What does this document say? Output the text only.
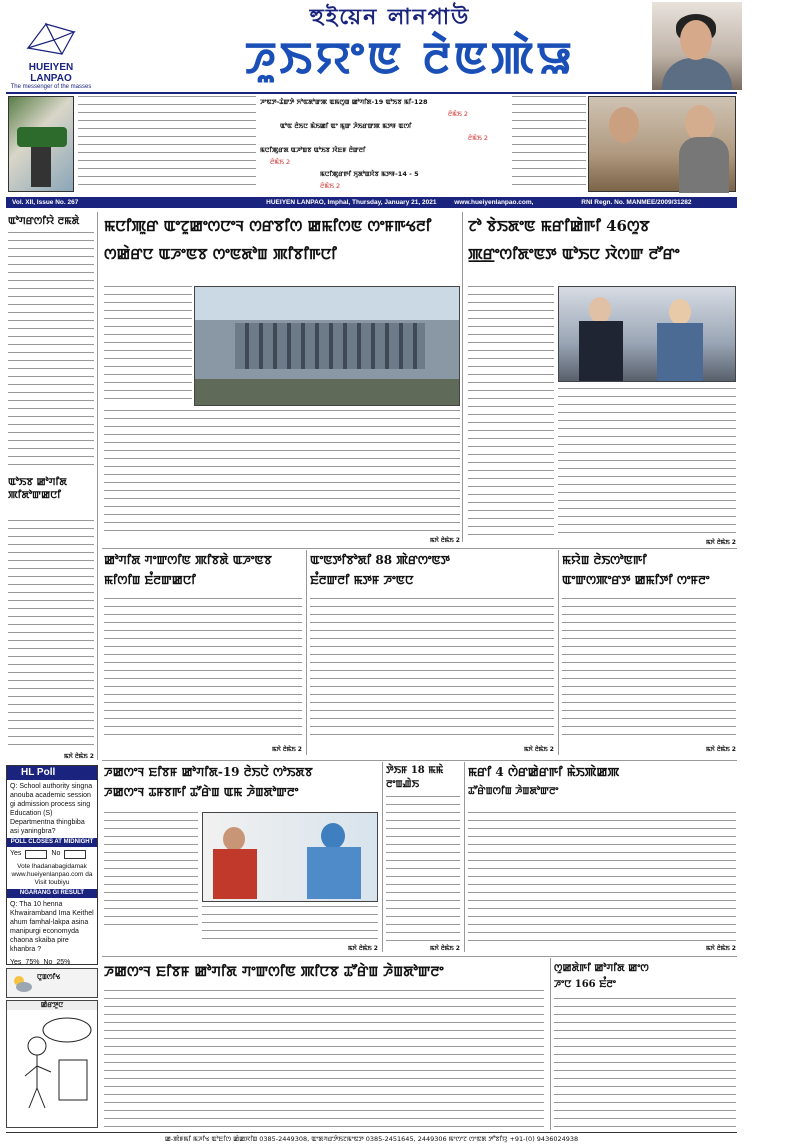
HUEIYEN
LANPAO
The messenger of the masses
হুইয়েন লানপাউ
ꯍꯨꯏꯌꯦꯟ ꯂꯥꯟꯄꯥꯎ
ꯍꯦꯟꯇ-ꯊꯥꯛꯇꯥ ꯈꯣꯟꯗꯣꯛꯄ ꯑꯃꯁꯨꯡ ꯀꯣꯚꯤꯗ-19 ꯑꯣꯏꯕ ꯃꯤ-128
ꯂꯥꯃꯥꯏ 2
ꯑꯣꯟ ꯂꯥꯏꯅ ꯃꯥꯏꯀꯤ ꯑꯦ ꯃꯨꯛ ꯍꯥꯏꯔꯛꯄ ꯃꯇꯝ ꯑꯁꯤ
ꯂꯥꯃꯥꯏ 2
ꯃꯅꯤꯄꯨꯔꯗ ꯑꯍꯣꯡꯕ ꯑꯣꯏꯕ ꯋꯥꯐꯝ ꯂꯥꯛꯂꯤ
ꯂꯥꯃꯥꯏ 2
ꯃꯅꯤꯄꯨꯔꯒꯤ ꯈꯨꯗꯣꯡꯆꯥꯕ ꯃꯇꯝ-14 - 5
ꯂꯥꯃꯥꯏ 2
Vol. XII, Issue No. 267	HUEIYEN LANPAO, Imphal, Thursday, January 21, 2021	www.hueiyenlanpao.com,	RNI Regn. No. MANMEE/2009/31282	₹ 3.00
ꯑꯣꯚꯔꯁꯤꯌꯥ ꯂꯃꯗꯥ
ꯑꯣꯏꯕ ꯀꯣꯚꯤꯗ ꯄꯤꯗꯣꯛꯀꯅꯤ
ꯃꯈꯥ ꯂꯥꯃꯥꯏ 2
ꯃꯅꯤꯄꯨꯔ ꯑꯦꯖꯨꯀꯦꯁꯅꯦꯜ ꯁꯔꯕꯤꯁ ꯀꯃꯤꯁꯟ ꯁꯦꯝꯒꯠꯂꯤ
ꯁꯀꯥꯔꯅ ꯑꯍꯦꯟꯕ ꯁꯦꯟꯗꯣꯡ ꯄꯤꯕꯤꯒꯅꯤ
ꯃꯈꯥ ꯂꯥꯃꯥꯏ 2
ꯖꯣ ꯕꯥꯏꯗꯦꯟ ꯃꯔꯤꯀꯥꯒꯤ 46ꯁꯨꯕ
ꯄ꯭ꯔꯦꯁꯤꯗꯦꯟꯇ ꯑꯣꯏꯅ ꯋꯥꯁꯛ ꯂꯧꯔꯦ
ꯃꯈꯥ ꯂꯥꯃꯥꯏ 2
ꯀꯣꯚꯤꯗ ꯚꯦꯛꯁꯤꯟ ꯄꯤꯕꯗꯥ ꯑꯍꯦꯟꯕ
ꯃꯤꯁꯤꯡ ꯐꯪꯂꯛꯀꯅꯤ
ꯃꯈꯥ ꯂꯥꯃꯥꯏ 2
ꯑꯦꯟꯇꯤꯕꯣꯗꯤ 88 ꯄꯥꯔꯁꯦꯟꯇ
ꯐꯪꯂꯛꯂꯤ ꯃꯇꯝ ꯍꯦꯟꯅ
ꯃꯈꯥ ꯂꯥꯃꯥꯏ 2
ꯃꯌꯥꯡ ꯂꯥꯏꯁꯣꯟꯒꯤ
ꯑꯦꯛꯁꯄꯦꯔꯇ ꯀꯃꯤꯇꯤ ꯁꯦꯝꯂꯦ
ꯃꯈꯥ ꯂꯥꯃꯥꯏ 2
HL Poll
Q: School authority singna anouba academic session gi admission process sing Education (S) Departmentna thingbiba asi yaningbra?
POLL CLOSES AT MIDNIGHT
Yes	No
Vote lhadanabagidamak www.hueiyenlanpao.com da Visit toubiyu
NGARANG GI RESULT
Q: Tha 10 henna Khwairamband Ima Keithel ahum famhal-lakpa asina manipurgi economyda chaona skaiba pire khanbra ?
Yes 75% No 25%
ꯅꯨꯡꯁꯤꯠ
ꯀꯥꯔꯇꯨꯅ
ꯍꯀꯁꯦꯜ ꯐꯤꯕꯝ ꯀꯣꯚꯤꯗ-19 ꯂꯥꯏꯅꯥ ꯁꯣꯏꯗꯕ
ꯍꯀꯁꯦꯜ ꯊꯝꯕꯒꯤ ꯊꯧꯔꯥꯡ ꯑꯃ ꯍꯥꯡꯗꯣꯛꯂꯦ
ꯃꯈꯥ ꯂꯥꯃꯥꯏ 2
ꯇꯥꯏꯝ 18 ꯃꯃꯥ ꯂꯦꯡꯉꯥꯏ
ꯃꯈꯥ ꯂꯥꯃꯥꯏ 2
ꯃꯔꯤ 4 ꯁꯥꯔꯀꯥꯔꯒꯤ ꯃꯥꯏꯄꯥꯀꯄ
ꯊꯧꯔꯥꯡꯁꯤꯡ ꯍꯥꯡꯗꯣꯛꯂꯦ
ꯃꯈꯥ ꯂꯥꯃꯥꯏ 2
ꯍꯀꯁꯦꯜ ꯐꯤꯕꯝ ꯀꯣꯚꯤꯗ ꯚꯦꯛꯁꯤꯟ ꯄꯤꯅꯕ ꯊꯧꯔꯥꯡ ꯍꯥꯡꯗꯣꯛꯂꯦ	ꯁꯨꯀꯗꯥꯒꯤ ꯀꯣꯚꯤꯗ ꯀꯦꯁ
ꯍꯦꯅ 166 ꯐꯪꯂꯦ
ꯀ-ꯄꯥꯝꯃꯤ ꯃꯍꯤꯠ ꯑꯣꯐꯤꯁ ꯀꯥꯀꯆꯤꯡ 0385-2449308, ꯑꯦꯗꯚꯔꯇꯥꯏꯖꯃꯦꯟꯇ 0385-2451645, 2449306 ꯃꯦꯁꯦꯖ ꯁꯦꯟꯗ ꯇꯧꯕꯤꯌꯨ +91-(0) 9436024938
